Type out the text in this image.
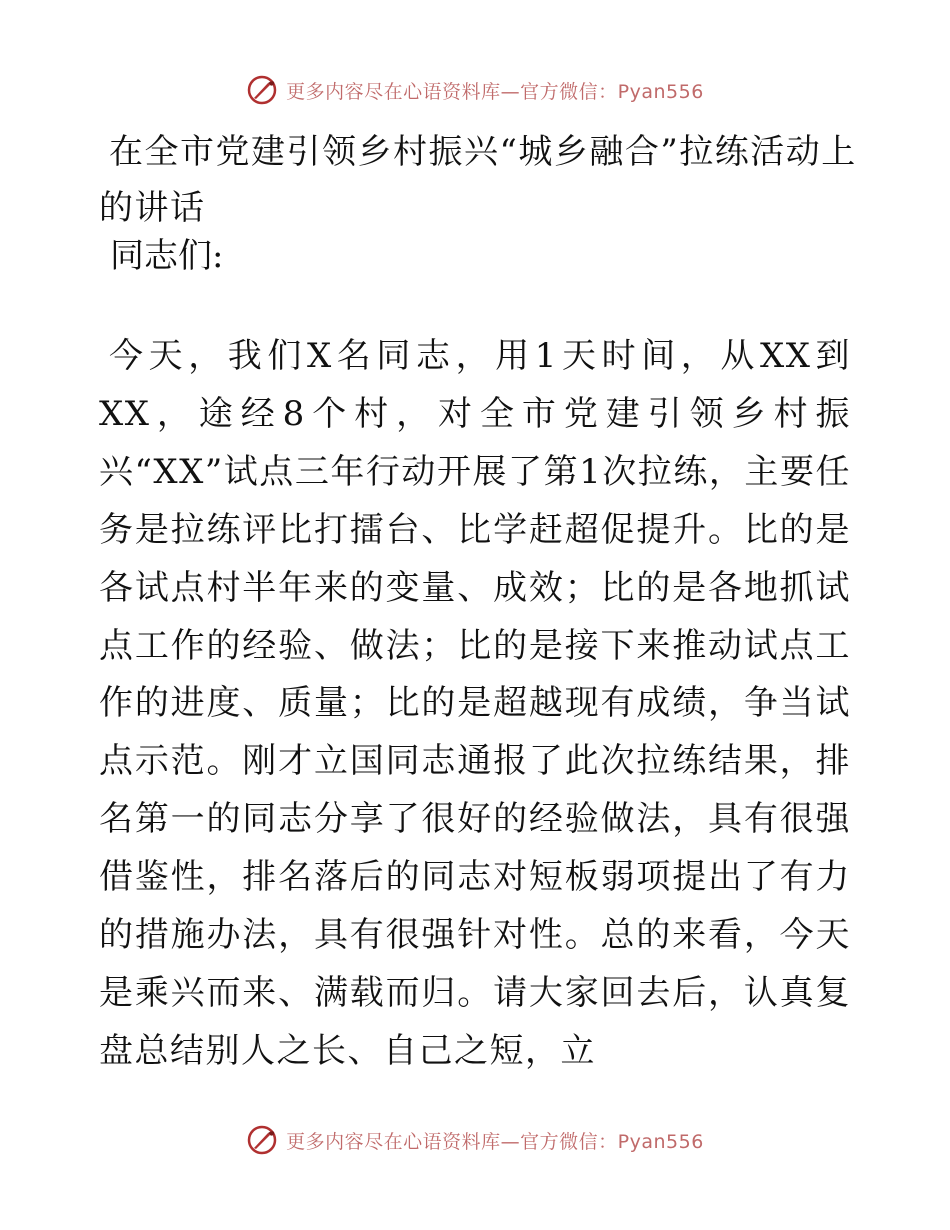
更多内容尽在心语资料库—官方微信：Pyan556
在全市党建引领乡村振兴“城乡融合”拉练活动上的讲话

同志们:

今天，我们X名同志，用1天时间，从XX到XX，途经8个村，对全市党建引领乡村振兴“XX”试点三年行动开展了第1次拉练，主要任务是拉练评比打擂台、比学赶超促提升。比的是各试点村半年来的变量、成效；比的是各地抓试点工作的经验、做法；比的是接下来推动试点工作的进度、质量；比的是超越现有成绩，争当试点示范。刚才立国同志通报了此次拉练结果，排名第一的同志分享了很好的经验做法，具有很强借鉴性，排名落后的同志对短板弱项提出了有力的措施办法，具有很强针对性。总的来看，今天是乘兴而来、满载而归。请大家回去后，认真复盘总结别人之长、自己之短，立

更多内容尽在心语资料库—官方微信：Pyan556
